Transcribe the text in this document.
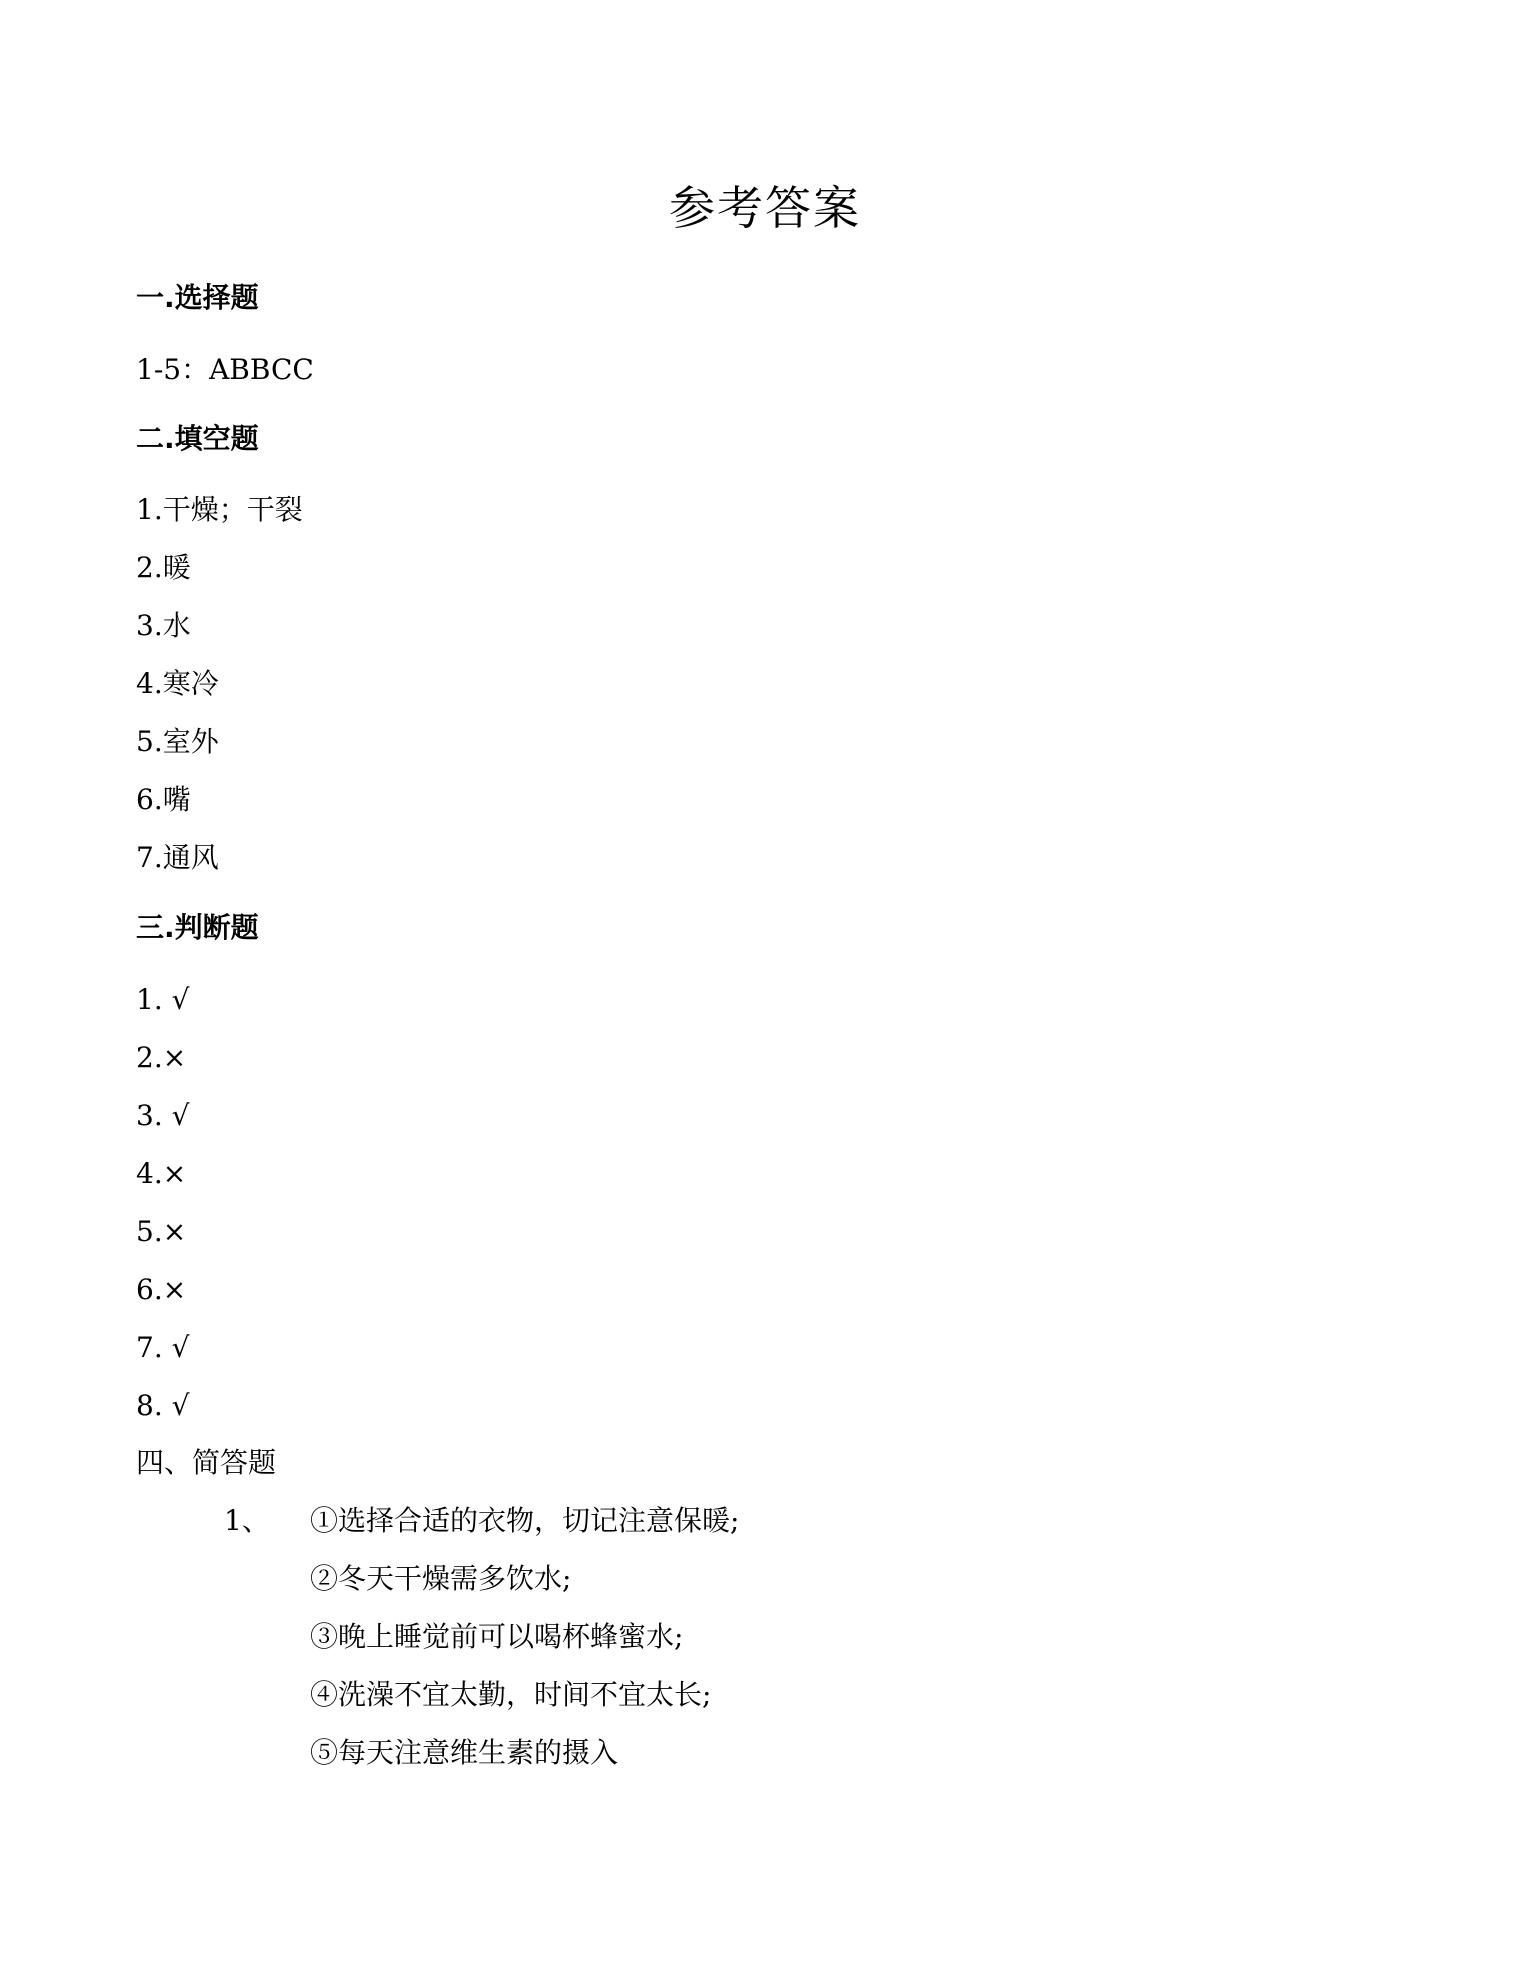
参考答案
一.选择题
1-5：ABBCC
二.填空题
1.干燥；干裂
2.暖
3.水
4.寒冷
5.室外
6.嘴
7.通风
三.判断题
1. √
2.×
3. √
4.×
5.×
6.×
7. √
8. √
四、简答题
1、 ①选择合适的衣物，切记注意保暖;
②冬天干燥需多饮水;
③晚上睡觉前可以喝杯蜂蜜水;
④洗澡不宜太勤，时间不宜太长;
⑤每天注意维生素的摄入
